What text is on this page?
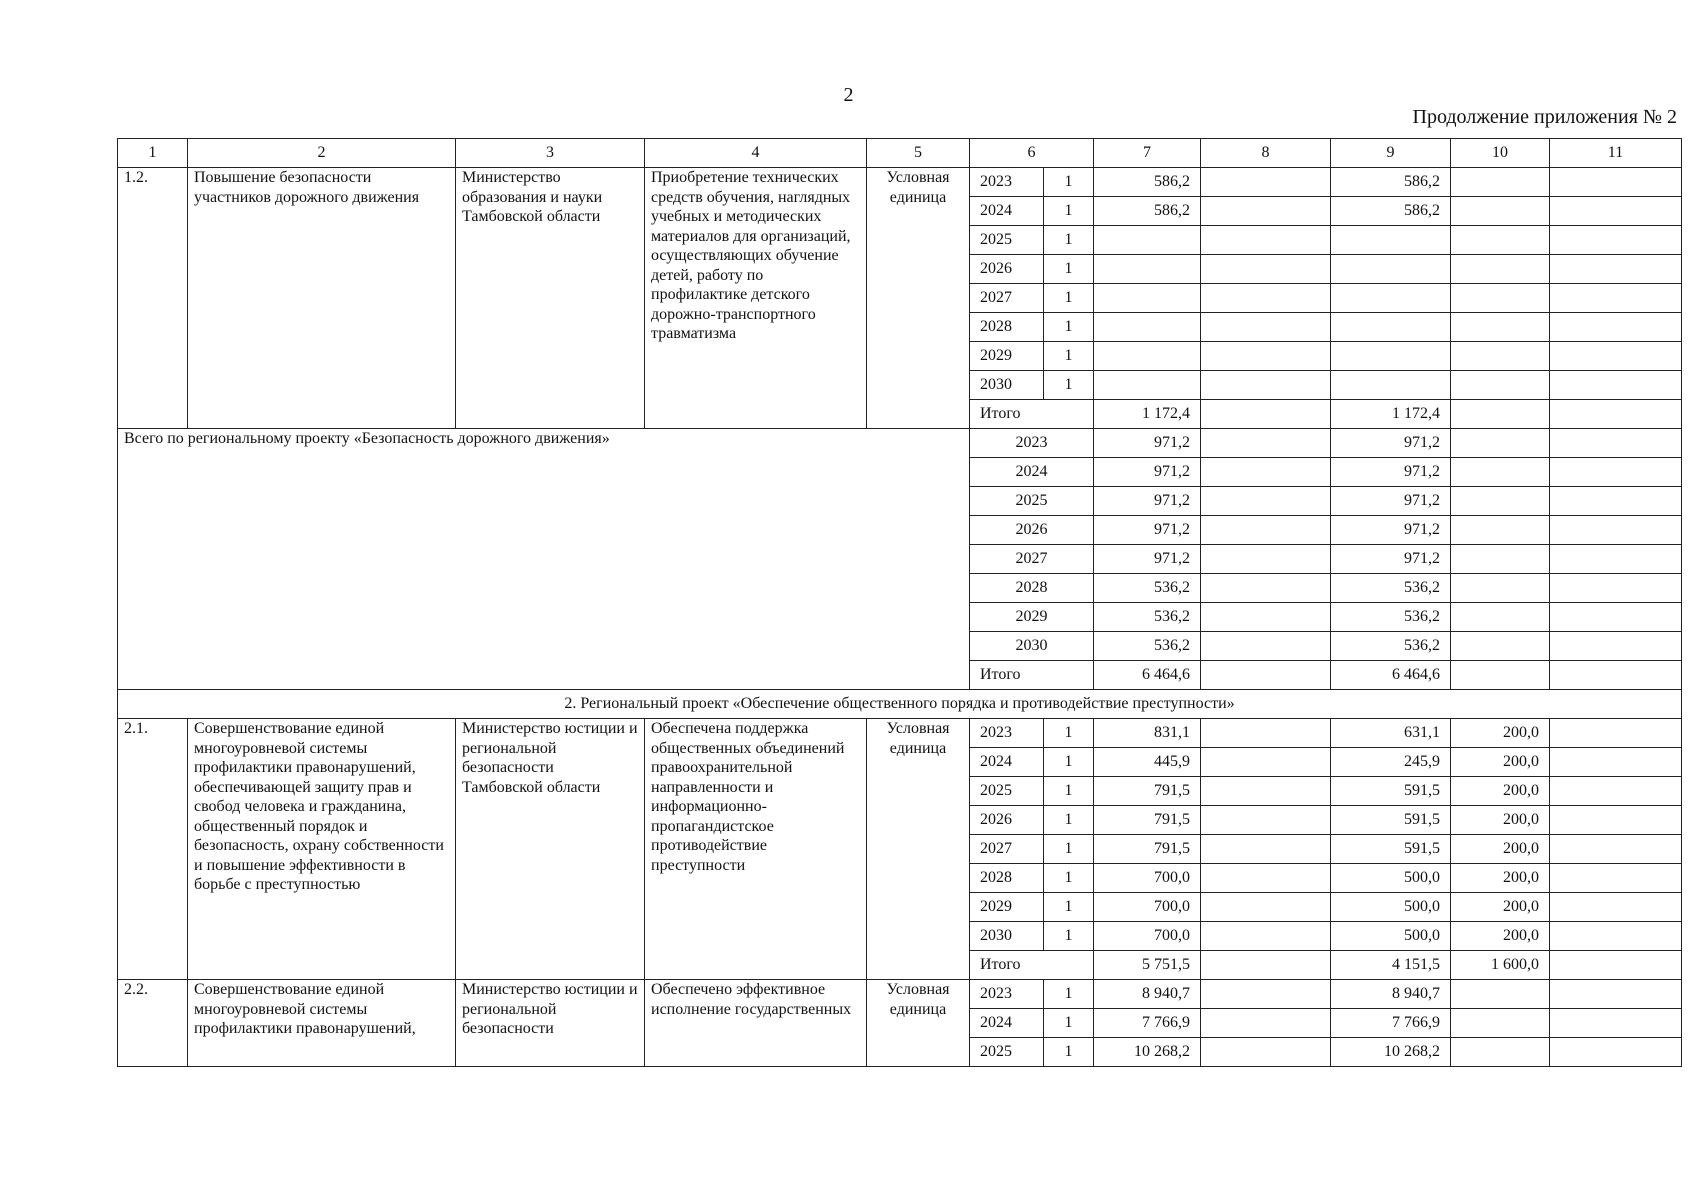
2
Продолжение приложения № 2
1	2	3	4	5	6		7	8	9	10	11
1.2.	Повышение безопасности участников дорожного движения	Министерство образования и науки Тамбовской области	Приобретение технических средств обучения, наглядных учебных и методических материалов для организаций, осуществляющих обучение детей, работу по профилактике детского дорожно-транспортного травматизма	Условная единица	2023	1	586,2		586,2		
					2024	1	586,2		586,2		
					2025	1					
					2026	1					
					2027	1					
					2028	1					
					2029	1					
					2030	1					
					Итого		1 172,4		1 172,4		
Всего по региональному проекту «Безопасность дорожного движения»					2023		971,2		971,2		
					2024		971,2		971,2		
					2025		971,2		971,2		
					2026		971,2		971,2		
					2027		971,2		971,2		
					2028		536,2		536,2		
					2029		536,2		536,2		
					2030		536,2		536,2		
					Итого		6 464,6		6 464,6		
2. Региональный проект «Обеспечение общественного порядка и противодействие преступности»											
2.1.	Совершенствование единой многоуровневой системы профилактики правонарушений, обеспечивающей защиту прав и свобод человека и гражданина, общественный порядок и безопасность, охрану собственности и повышение эффективности в борьбе с преступностью	Министерство юстиции и региональной безопасности Тамбовской области	Обеспечена поддержка общественных объединений правоохранительной направленности и информационно-пропагандистское противодействие преступности	Условная единица	2023	1	831,1		631,1	200,0	
					2024	1	445,9		245,9	200,0	
					2025	1	791,5		591,5	200,0	
					2026	1	791,5		591,5	200,0	
					2027	1	791,5		591,5	200,0	
					2028	1	700,0		500,0	200,0	
					2029	1	700,0		500,0	200,0	
					2030	1	700,0		500,0	200,0	
					Итого		5 751,5		4 151,5	1 600,0	
2.2.	Совершенствование единой многоуровневой системы профилактики правонарушений,	Министерство юстиции и региональной безопасности	Обеспечено эффективное исполнение государственных	Условная единица	2023	1	8 940,7		8 940,7		
					2024	1	7 766,9		7 766,9		
					2025	1	10 268,2		10 268,2		
